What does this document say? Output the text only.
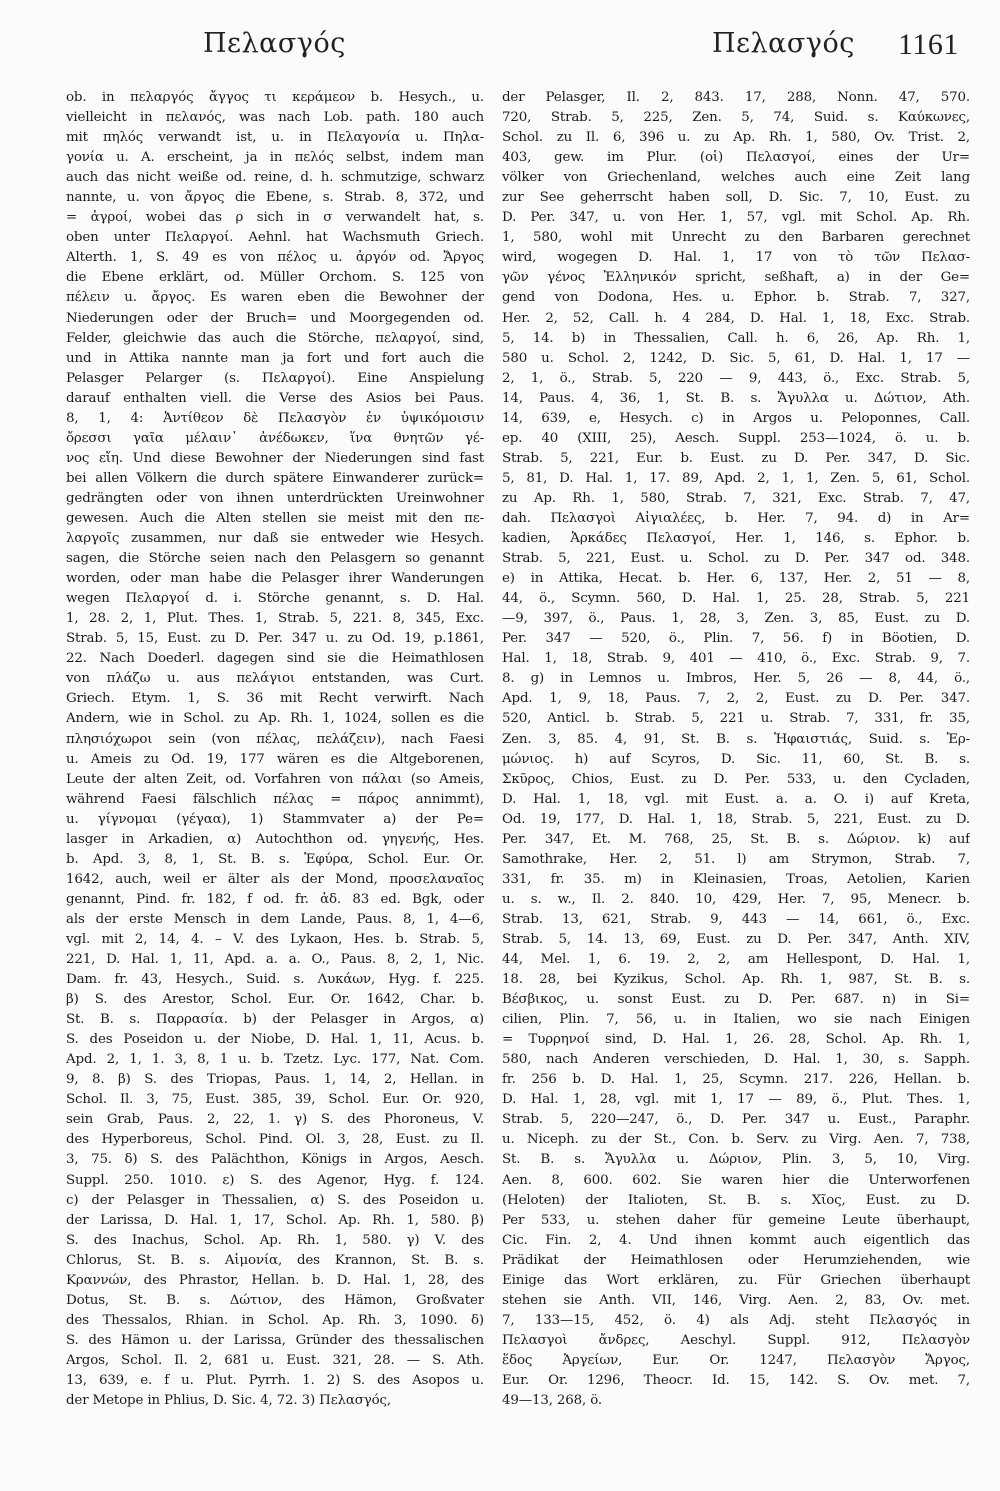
Πελασγός	Πελασγός 1161
ob. in πελαργός ἄγγος τι κεράμεον b. Hesych., u.
vielleicht in πελανός, was nach Lob. path. 180 auch
mit πηλός verwandt ist, u. in Πελαγονία u. Πηλα-
γονία u. A. erscheint, ja in πελός selbst, indem man
auch das nicht weiße od. reine, d. h. schmutzige, schwarz
nannte, u. von ἄργος die Ebene, s. Strab. 8, 372, und
= ἀγροί, wobei das ρ sich in σ verwandelt hat, s.
oben unter Πελαργοί. Aehnl. hat Wachsmuth Griech.
Alterth. 1, S. 49 es von πέλος u. ἀργόν od. Ἄργος
die Ebene erklärt, od. Müller Orchom. S. 125 von
πέλειν u. ἄργος. Es waren eben die Bewohner der
Niederungen oder der Bruch= und Moorgegenden od.
Felder, gleichwie das auch die Störche, πελαργοί, sind,
und in Attika nannte man ja fort und fort auch die
Pelasger Pelarger (s. Πελαργοί). Eine Anspielung
darauf enthalten viell. die Verse des Asios bei Paus.
8, 1, 4: Ἀντίθεον δὲ Πελασγὸν ἐν ὑψικόμοισιν
ὄρεσσι γαῖα μέλαιν᾽ ἀνέδωκεν, ἵνα θνητῶν γέ-
νος εἴη. Und diese Bewohner der Niederungen sind fast
bei allen Völkern die durch spätere Einwanderer zurück=
gedrängten oder von ihnen unterdrückten Ureinwohner
gewesen. Auch die Alten stellen sie meist mit den πε-
λαργοῖς zusammen, nur daß sie entweder wie Hesych.
sagen, die Störche seien nach den Pelasgern so genannt
worden, oder man habe die Pelasger ihrer Wanderungen
wegen Πελαργοί d. i. Störche genannt, s. D. Hal.
1, 28. 2, 1, Plut. Thes. 1, Strab. 5, 221. 8, 345, Exc.
Strab. 5, 15, Eust. zu D. Per. 347 u. zu Od. 19, p.1861,
22. Nach Doederl. dagegen sind sie die Heimathlosen
von πλάζω u. aus πελάγιοι entstanden, was Curt.
Griech. Etym. 1, S. 36 mit Recht verwirft. Nach
Andern, wie in Schol. zu Ap. Rh. 1, 1024, sollen es die
πλησιόχωροι sein (von πέλας, πελάζειν), nach Faesi
u. Ameis zu Od. 19, 177 wären es die Altgeborenen,
Leute der alten Zeit, od. Vorfahren von πάλαι (so Ameis,
während Faesi fälschlich πέλας = πάρος annimmt),
u. γίγνομαι (γέγαα), 1) Stammvater a) der Pe=
lasger in Arkadien, α) Autochthon od. γηγενής, Hes.
b. Apd. 3, 8, 1, St. B. s. Ἐφύρα, Schol. Eur. Or.
1642, auch, weil er älter als der Mond, προσελαναῖος
genannt, Pind. fr. 182, f od. fr. ἀδ. 83 ed. Bgk, oder
als der erste Mensch in dem Lande, Paus. 8, 1, 4—6,
vgl. mit 2, 14, 4. – V. des Lykaon, Hes. b. Strab. 5,
221, D. Hal. 1, 11, Apd. a. a. O., Paus. 8, 2, 1, Nic.
Dam. fr. 43, Hesych., Suid. s. Λυκάων, Hyg. f. 225.
β) S. des Arestor, Schol. Eur. Or. 1642, Char. b.
St. B. s. Παρρασία. b) der Pelasger in Argos, α)
S. des Poseidon u. der Niobe, D. Hal. 1, 11, Acus. b.
Apd. 2, 1, 1. 3, 8, 1 u. b. Tzetz. Lyc. 177, Nat. Com.
9, 8. β) S. des Triopas, Paus. 1, 14, 2, Hellan. in
Schol. Il. 3, 75, Eust. 385, 39, Schol. Eur. Or. 920,
sein Grab, Paus. 2, 22, 1. γ) S. des Phoroneus, V.
des Hyperboreus, Schol. Pind. Ol. 3, 28, Eust. zu Il.
3, 75. δ) S. des Palächthon, Königs in Argos, Aesch.
Suppl. 250. 1010. ε) S. des Agenor, Hyg. f. 124.
c) der Pelasger in Thessalien, α) S. des Poseidon u.
der Larissa, D. Hal. 1, 17, Schol. Ap. Rh. 1, 580. β)
S. des Inachus, Schol. Ap. Rh. 1, 580. γ) V. des
Chlorus, St. B. s. Αἱμονία, des Krannon, St. B. s.
Κραννών, des Phrastor, Hellan. b. D. Hal. 1, 28, des
Dotus, St. B. s. Δώτιον, des Hämon, Großvater
des Thessalos, Rhian. in Schol. Ap. Rh. 3, 1090. δ)
S. des Hämon u. der Larissa, Gründer des thessalischen
Argos, Schol. Il. 2, 681 u. Eust. 321, 28. — S. Ath.
13, 639, e. f u. Plut. Pyrrh. 1. 2) S. des Asopos u.
der Metope in Phlius, D. Sic. 4, 72. 3) Πελασγός,
der Pelasger, Il. 2, 843. 17, 288, Nonn. 47, 570.
720, Strab. 5, 225, Zen. 5, 74, Suid. s. Καύκωνες,
Schol. zu Il. 6, 396 u. zu Ap. Rh. 1, 580, Ov. Trist. 2,
403, gew. im Plur. (οἱ) Πελασγοί, eines der Ur=
völker von Griechenland, welches auch eine Zeit lang
zur See geherrscht haben soll, D. Sic. 7, 10, Eust. zu
D. Per. 347, u. von Her. 1, 57, vgl. mit Schol. Ap. Rh.
1, 580, wohl mit Unrecht zu den Barbaren gerechnet
wird, wogegen D. Hal. 1, 17 von τὸ τῶν Πελασ-
γῶν γένος Ἑλληνικόν spricht, seßhaft, a) in der Ge=
gend von Dodona, Hes. u. Ephor. b. Strab. 7, 327,
Her. 2, 52, Call. h. 4 284, D. Hal. 1, 18, Exc. Strab.
5, 14. b) in Thessalien, Call. h. 6, 26, Ap. Rh. 1,
580 u. Schol. 2, 1242, D. Sic. 5, 61, D. Hal. 1, 17 —
2, 1, ö., Strab. 5, 220 — 9, 443, ö., Exc. Strab. 5,
14, Paus. 4, 36, 1, St. B. s. Ἄγυλλα u. Δώτιον, Ath.
14, 639, e, Hesych. c) in Argos u. Peloponnes, Call.
ep. 40 (XIII, 25), Aesch. Suppl. 253—1024, ö. u. b.
Strab. 5, 221, Eur. b. Eust. zu D. Per. 347, D. Sic.
5, 81, D. Hal. 1, 17. 89, Apd. 2, 1, 1, Zen. 5, 61, Schol.
zu Ap. Rh. 1, 580, Strab. 7, 321, Exc. Strab. 7, 47,
dah. Πελασγοὶ Αἰγιαλέες, b. Her. 7, 94. d) in Ar=
kadien, Ἀρκάδες Πελασγοί, Her. 1, 146, s. Ephor. b.
Strab. 5, 221, Eust. u. Schol. zu D. Per. 347 od. 348.
e) in Attika, Hecat. b. Her. 6, 137, Her. 2, 51 — 8,
44, ö., Scymn. 560, D. Hal. 1, 25. 28, Strab. 5, 221
—9, 397, ö., Paus. 1, 28, 3, Zen. 3, 85, Eust. zu D.
Per. 347 — 520, ö., Plin. 7, 56. f) in Böotien, D.
Hal. 1, 18, Strab. 9, 401 — 410, ö., Exc. Strab. 9, 7.
8. g) in Lemnos u. Imbros, Her. 5, 26 — 8, 44, ö.,
Apd. 1, 9, 18, Paus. 7, 2, 2, Eust. zu D. Per. 347.
520, Anticl. b. Strab. 5, 221 u. Strab. 7, 331, fr. 35,
Zen. 3, 85. 4, 91, St. B. s. Ἡφαιστιάς, Suid. s. Ἑρ-
μώνιος. h) auf Scyros, D. Sic. 11, 60, St. B. s.
Σκῦρος, Chios, Eust. zu D. Per. 533, u. den Cycladen,
D. Hal. 1, 18, vgl. mit Eust. a. a. O. i) auf Kreta,
Od. 19, 177, D. Hal. 1, 18, Strab. 5, 221, Eust. zu D.
Per. 347, Et. M. 768, 25, St. B. s. Δώριον. k) auf
Samothrake, Her. 2, 51. l) am Strymon, Strab. 7,
331, fr. 35. m) in Kleinasien, Troas, Aetolien, Karien
u. s. w., Il. 2. 840. 10, 429, Her. 7, 95, Menecr. b.
Strab. 13, 621, Strab. 9, 443 — 14, 661, ö., Exc.
Strab. 5, 14. 13, 69, Eust. zu D. Per. 347, Anth. XIV,
44, Mel. 1, 6. 19. 2, 2, am Hellespont, D. Hal. 1,
18. 28, bei Kyzikus, Schol. Ap. Rh. 1, 987, St. B. s.
Βέσβικος, u. sonst Eust. zu D. Per. 687. n) in Si=
cilien, Plin. 7, 56, u. in Italien, wo sie nach Einigen
= Τυρρηνοί sind, D. Hal. 1, 26. 28, Schol. Ap. Rh. 1,
580, nach Anderen verschieden, D. Hal. 1, 30, s. Sapph.
fr. 256 b. D. Hal. 1, 25, Scymn. 217. 226, Hellan. b.
D. Hal. 1, 28, vgl. mit 1, 17 — 89, ö., Plut. Thes. 1,
Strab. 5, 220—247, ö., D. Per. 347 u. Eust., Paraphr.
u. Niceph. zu der St., Con. b. Serv. zu Virg. Aen. 7, 738,
St. B. s. Ἄγυλλα u. Δώριον, Plin. 3, 5, 10, Virg.
Aen. 8, 600. 602. Sie waren hier die Unterworfenen
(Heloten) der Italioten, St. B. s. Χῖος, Eust. zu D.
Per 533, u. stehen daher für gemeine Leute überhaupt,
Cic. Fin. 2, 4. Und ihnen kommt auch eigentlich das
Prädikat der Heimathlosen oder Herumziehenden, wie
Einige das Wort erklären, zu. Für Griechen überhaupt
stehen sie Anth. VII, 146, Virg. Aen. 2, 83, Ov. met.
7, 133—15, 452, ö. 4) als Adj. steht Πελασγός in
Πελασγοὶ ἄνδρες, Aeschyl. Suppl. 912, Πελασγὸν
ἕδος Ἀργείων, Eur. Or. 1247, Πελασγὸν Ἄργος,
Eur. Or. 1296, Theocr. Id. 15, 142. S. Ov. met. 7,
49—13, 268, ö.
